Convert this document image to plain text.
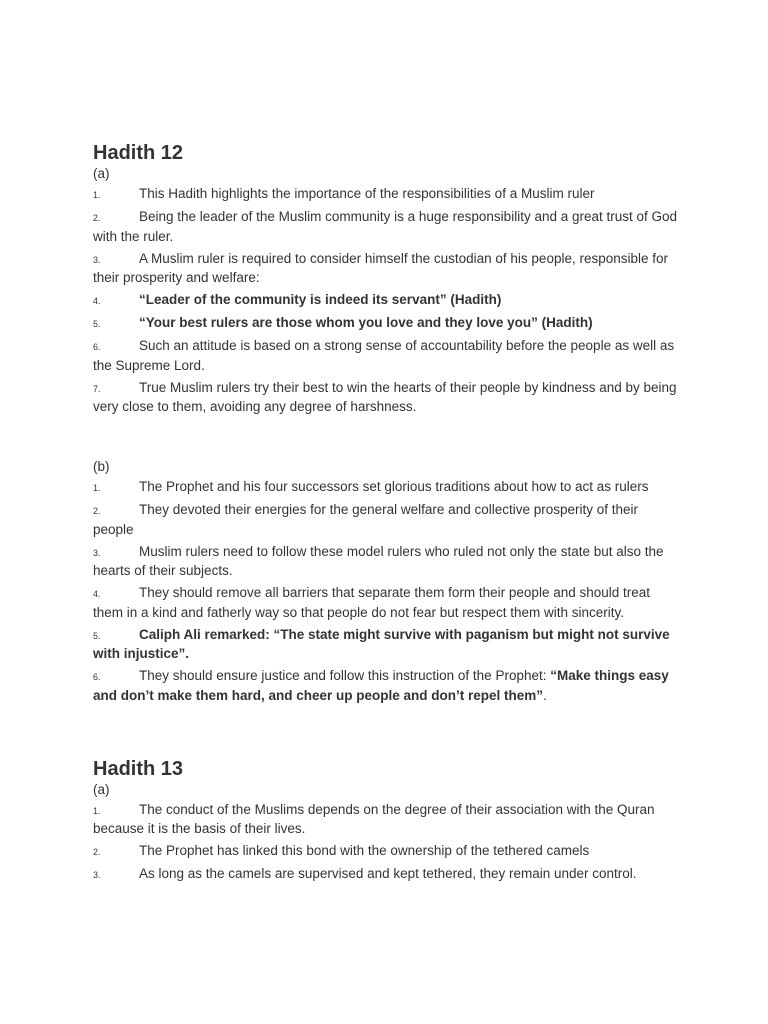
Hadith 12

(a)

1.	This Hadith highlights the importance of the responsibilities of a Muslim ruler

2.	Being the leader of the Muslim community is a huge responsibility and a great trust of God with the ruler.

3.	A Muslim ruler is required to consider himself the custodian of his people, responsible for their prosperity and welfare:

4.	“Leader of the community is indeed its servant” (Hadith)

5.	“Your best rulers are those whom you love and they love you” (Hadith)

6.	Such an attitude is based on a strong sense of accountability before the people as well as the Supreme Lord.

7.	True Muslim rulers try their best to win the hearts of their people by kindness and by being very close to them, avoiding any degree of harshness.

(b)

1.	The Prophet and his four successors set glorious traditions about how to act as rulers

2.	They devoted their energies for the general welfare and collective prosperity of their people

3.	Muslim rulers need to follow these model rulers who ruled not only the state but also the hearts of their subjects.

4.	They should remove all barriers that separate them form their people and should treat them in a kind and fatherly way so that people do not fear but respect them with sincerity.

5.	Caliph Ali remarked: “The state might survive with paganism but might not survive with injustice”.

6.	They should ensure justice and follow this instruction of the Prophet: “Make things easy and don’t make them hard, and cheer up people and don’t repel them”.

Hadith 13

(a)

1.	The conduct of the Muslims depends on the degree of their association with the Quran because it is the basis of their lives.

2.	The Prophet has linked this bond with the ownership of the tethered camels

3.	As long as the camels are supervised and kept tethered, they remain under control.
